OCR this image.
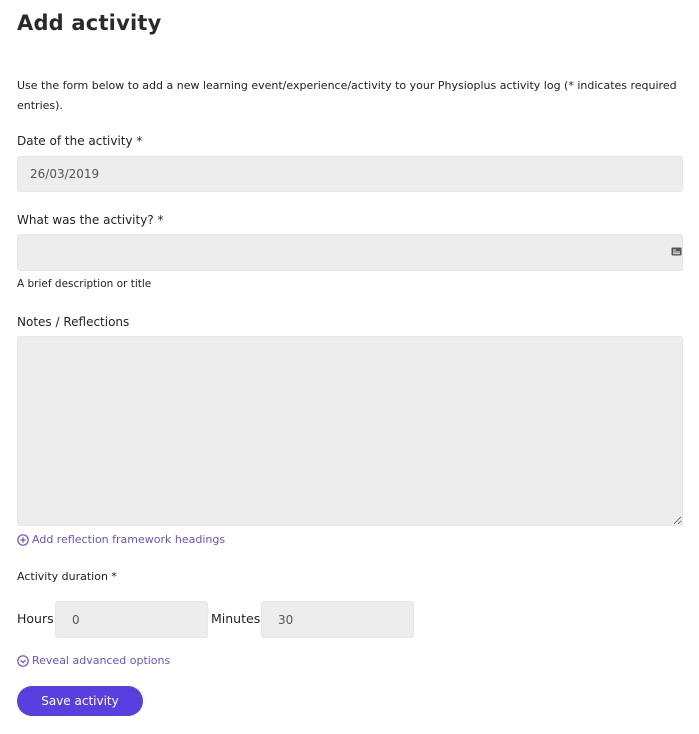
Add activity
Use the form below to add a new learning event/experience/activity to your Physioplus activity log (* indicates required entries).
Date of the activity *
26/03/2019
What was the activity? *
A brief description or title
Notes / Reflections
Add reflection framework headings
Activity duration *
Hours
0	Minutes
30
Reveal advanced options
Save activity
